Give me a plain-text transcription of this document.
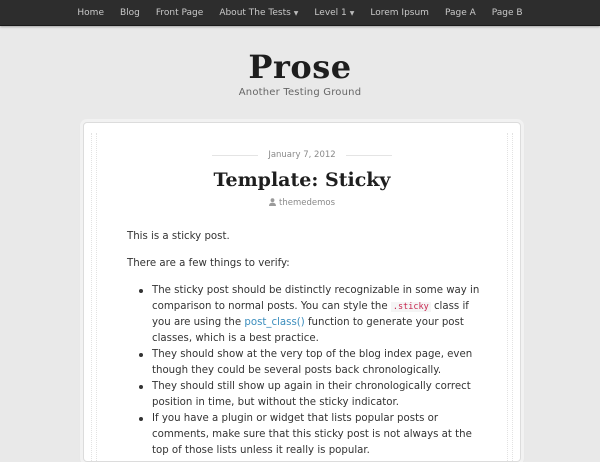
Home Blog Front Page About The Tests ▼ Level 1 ▼ Lorem Ipsum Page A Page B
Prose
Another Testing Ground
January 7, 2012
Template: Sticky
themedemos

This is a sticky post.

There are a few things to verify:

The sticky post should be distinctly recognizable in some way in comparison to normal posts. You can style the .sticky class if you are using the post_class() function to generate your post classes, which is a best practice.
They should show at the very top of the blog index page, even though they could be several posts back chronologically.
They should still show up again in their chronologically correct position in time, but without the sticky indicator.
If you have a plugin or widget that lists popular posts or comments, make sure that this sticky post is not always at the top of those lists unless it really is popular.
